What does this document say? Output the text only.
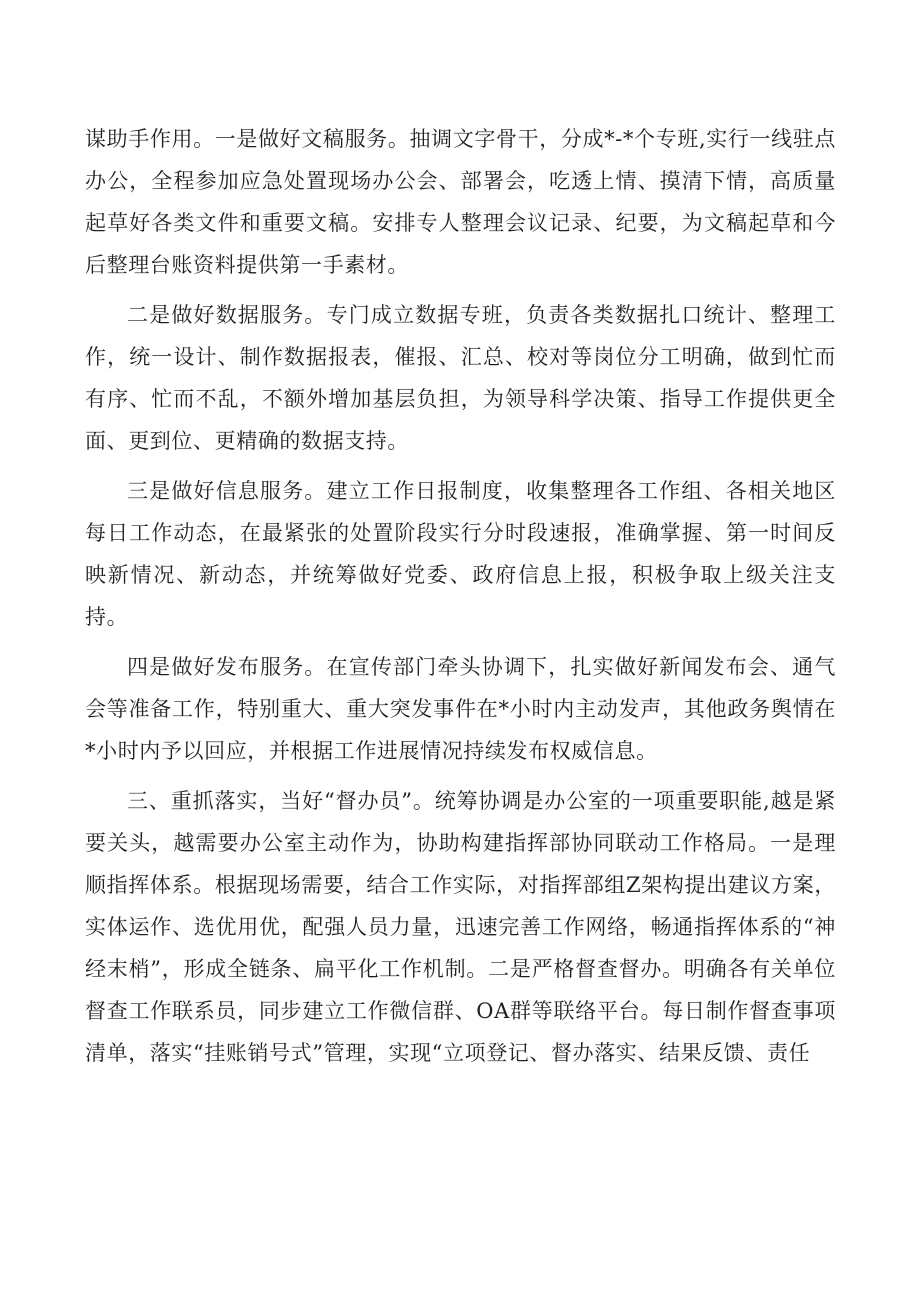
谋助手作用。一是做好文稿服务。抽调文字骨干，分成*-*个专班,实行一线驻点办公，全程参加应急处置现场办公会、部署会，吃透上情、摸清下情，高质量起草好各类文件和重要文稿。安排专人整理会议记录、纪要，为文稿起草和今后整理台账资料提供第一手素材。

二是做好数据服务。专门成立数据专班，负责各类数据扎口统计、整理工作，统一设计、制作数据报表，催报、汇总、校对等岗位分工明确，做到忙而有序、忙而不乱，不额外增加基层负担，为领导科学决策、指导工作提供更全面、更到位、更精确的数据支持。

三是做好信息服务。建立工作日报制度，收集整理各工作组、各相关地区每日工作动态，在最紧张的处置阶段实行分时段速报，准确掌握、第一时间反映新情况、新动态，并统筹做好党委、政府信息上报，积极争取上级关注支持。

四是做好发布服务。在宣传部门牵头协调下，扎实做好新闻发布会、通气会等准备工作，特别重大、重大突发事件在*小时内主动发声，其他政务舆情在*小时内予以回应，并根据工作进展情况持续发布权威信息。

三、重抓落实，当好“督办员”。统筹协调是办公室的一项重要职能,越是紧要关头，越需要办公室主动作为，协助构建指挥部协同联动工作格局。一是理顺指挥体系。根据现场需要，结合工作实际，对指挥部组Z架构提出建议方案，实体运作、选优用优，配强人员力量，迅速完善工作网络，畅通指挥体系的“神经末梢”，形成全链条、扁平化工作机制。二是严格督查督办。明确各有关单位督查工作联系员，同步建立工作微信群、OA群等联络平台。每日制作督查事项清单，落实“挂账销号式”管理，实现“立项登记、督办落实、结果反馈、责任
